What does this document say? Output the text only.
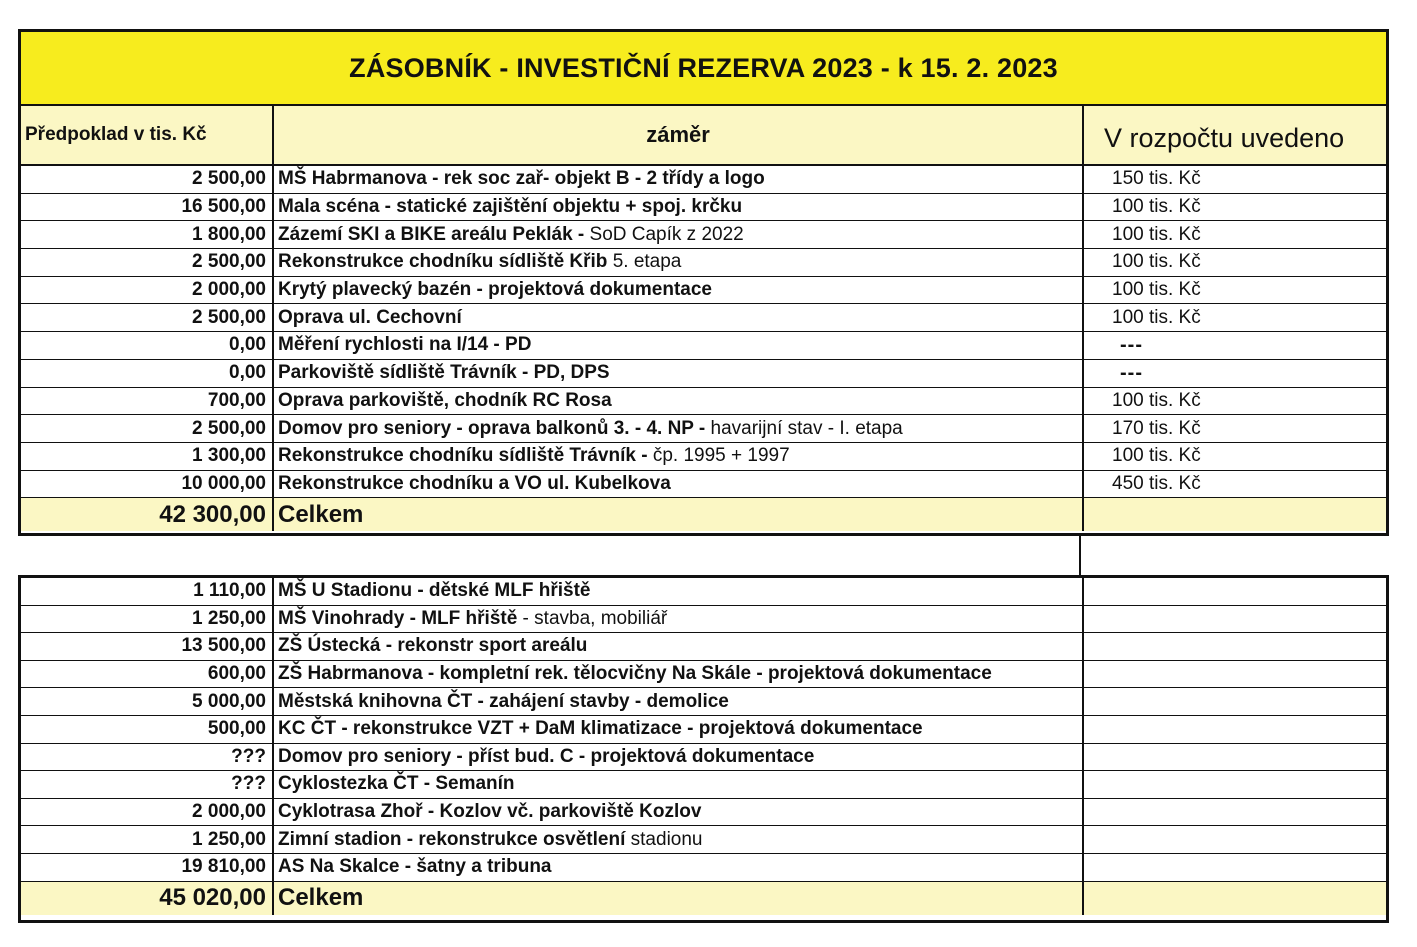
ZÁSOBNÍK - INVESTIČNÍ REZERVA 2023 - k 15. 2. 2023
Předpoklad v tis. Kč	záměr	V rozpočtu uvedeno
2 500,00 MŠ Habrmanova - rek soc zař- objekt B - 2 třídy a logo	150 tis. Kč
16 500,00 Mala scéna - statické zajištění objektu + spoj. krčku	100 tis. Kč
1 800,00 Zázemí SKI a BIKE areálu Peklák - SoD Capík z 2022	100 tis. Kč
2 500,00 Rekonstrukce chodníku sídliště Křib 5. etapa	100 tis. Kč
2 000,00 Krytý plavecký bazén - projektová dokumentace	100 tis. Kč
2 500,00 Oprava ul. Cechovní	100 tis. Kč
0,00 Měření rychlosti na I/14 - PD	---
0,00 Parkoviště sídliště Trávník - PD, DPS	---
700,00 Oprava parkoviště, chodník RC Rosa	100 tis. Kč
2 500,00 Domov pro seniory - oprava balkonů 3. - 4. NP - havarijní stav - I. etapa	170 tis. Kč
1 300,00 Rekonstrukce chodníku sídliště Trávník - čp. 1995 + 1997	100 tis. Kč
10 000,00 Rekonstrukce chodníku a VO ul. Kubelkova	450 tis. Kč
42 300,00 Celkem
1 110,00 MŠ U Stadionu - dětské MLF hřiště
1 250,00 MŠ Vinohrady - MLF hřiště - stavba, mobiliář
13 500,00 ZŠ Ústecká - rekonstr sport areálu
600,00 ZŠ Habrmanova - kompletní rek. tělocvičny Na Skále - projektová dokumentace
5 000,00 Městská knihovna ČT - zahájení stavby - demolice
500,00 KC ČT - rekonstrukce VZT + DaM klimatizace - projektová dokumentace
??? Domov pro seniory - příst bud. C - projektová dokumentace
??? Cyklostezka ČT - Semanín
2 000,00 Cyklotrasa Zhoř - Kozlov vč. parkoviště Kozlov
1 250,00 Zimní stadion - rekonstrukce osvětlení stadionu
19 810,00 AS Na Skalce - šatny a tribuna
45 020,00 Celkem
